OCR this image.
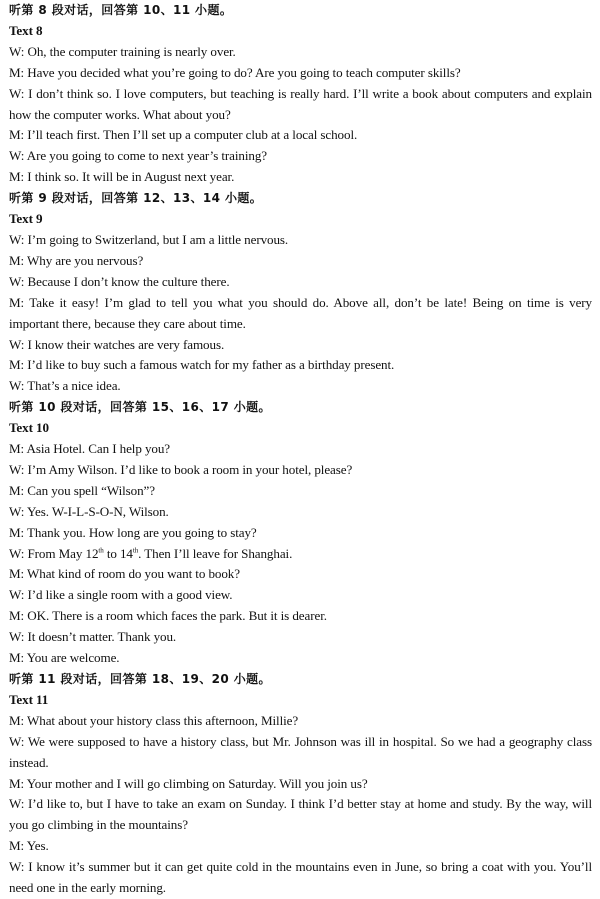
听第 8 段对话，回答第 10、11 小题。
Text 8
W: Oh, the computer training is nearly over.
M: Have you decided what you’re going to do? Are you going to teach computer skills?
W: I don’t think so. I love computers, but teaching is really hard. I’ll write a book about computers and explain how the computer works. What about you?
M: I’ll teach first. Then I’ll set up a computer club at a local school.
W: Are you going to come to next year’s training?
M: I think so. It will be in August next year.
听第 9 段对话，回答第 12、13、14 小题。
Text 9
W: I’m going to Switzerland, but I am a little nervous.
M: Why are you nervous?
W: Because I don’t know the culture there.
M: Take it easy! I’m glad to tell you what you should do. Above all, don’t be late! Being on time is very important there, because they care about time.
W: I know their watches are very famous.
M: I’d like to buy such a famous watch for my father as a birthday present.
W: That’s a nice idea.
听第 10 段对话，回答第 15、16、17 小题。
Text 10
M: Asia Hotel. Can I help you?
W: I’m Amy Wilson. I’d like to book a room in your hotel, please?
M: Can you spell “Wilson”?
W: Yes. W-I-L-S-O-N, Wilson.
M: Thank you. How long are you going to stay?
W: From May 12th to 14th. Then I’ll leave for Shanghai.
M: What kind of room do you want to book?
W: I’d like a single room with a good view.
M: OK. There is a room which faces the park. But it is dearer.
W: It doesn’t matter. Thank you.
M: You are welcome.
听第 11 段对话，回答第 18、19、20 小题。
Text 11
M: What about your history class this afternoon, Millie?
W: We were supposed to have a history class, but Mr. Johnson was ill in hospital. So we had a geography class instead.
M: Your mother and I will go climbing on Saturday. Will you join us?
W: I’d like to, but I have to take an exam on Sunday. I think I’d better stay at home and study. By the way, will you go climbing in the mountains?
M: Yes.
W: I know it’s summer but it can get quite cold in the mountains even in June, so bring a coat with you. You’ll need one in the early morning.
